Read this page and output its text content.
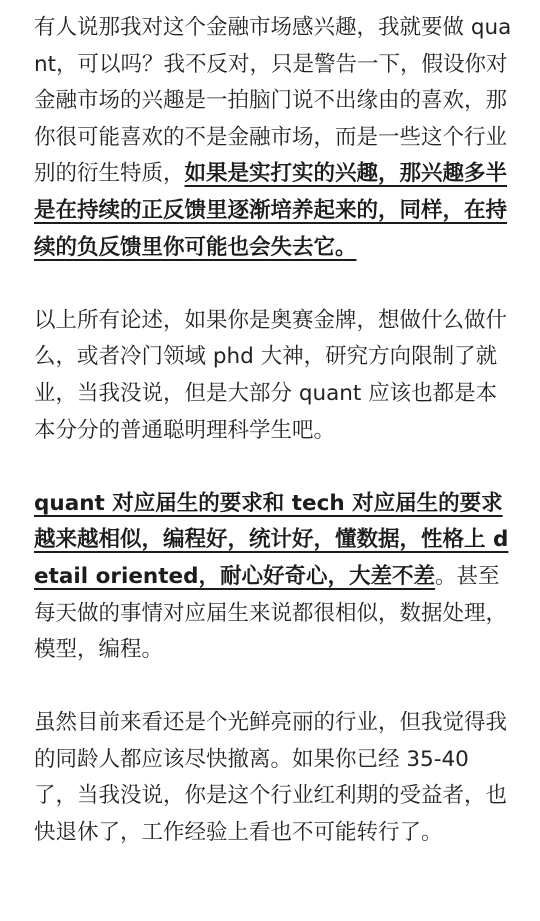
有人说那我对这个金融市场感兴趣，我就要做 quant，可以吗？我不反对，只是警告一下，假设你对金融市场的兴趣是一拍脑门说不出缘由的喜欢，那你很可能喜欢的不是金融市场，而是一些这个行业别的衍生特质，如果是实打实的兴趣，那兴趣多半是在持续的正反馈里逐渐培养起来的，同样，在持续的负反馈里你可能也会失去它。

以上所有论述，如果你是奥赛金牌，想做什么做什么，或者冷门领域 phd 大神，研究方向限制了就业，当我没说，但是大部分 quant 应该也都是本本分分的普通聪明理科学生吧。

quant 对应届生的要求和 tech 对应届生的要求越来越相似，编程好，统计好，懂数据，性格上 detail oriented，耐心好奇心，大差不差。甚至每天做的事情对应届生来说都很相似，数据处理，模型，编程。

虽然目前来看还是个光鲜亮丽的行业，但我觉得我的同龄人都应该尽快撤离。如果你已经 35-40 了，当我没说，你是这个行业红利期的受益者，也快退休了，工作经验上看也不可能转行了。
